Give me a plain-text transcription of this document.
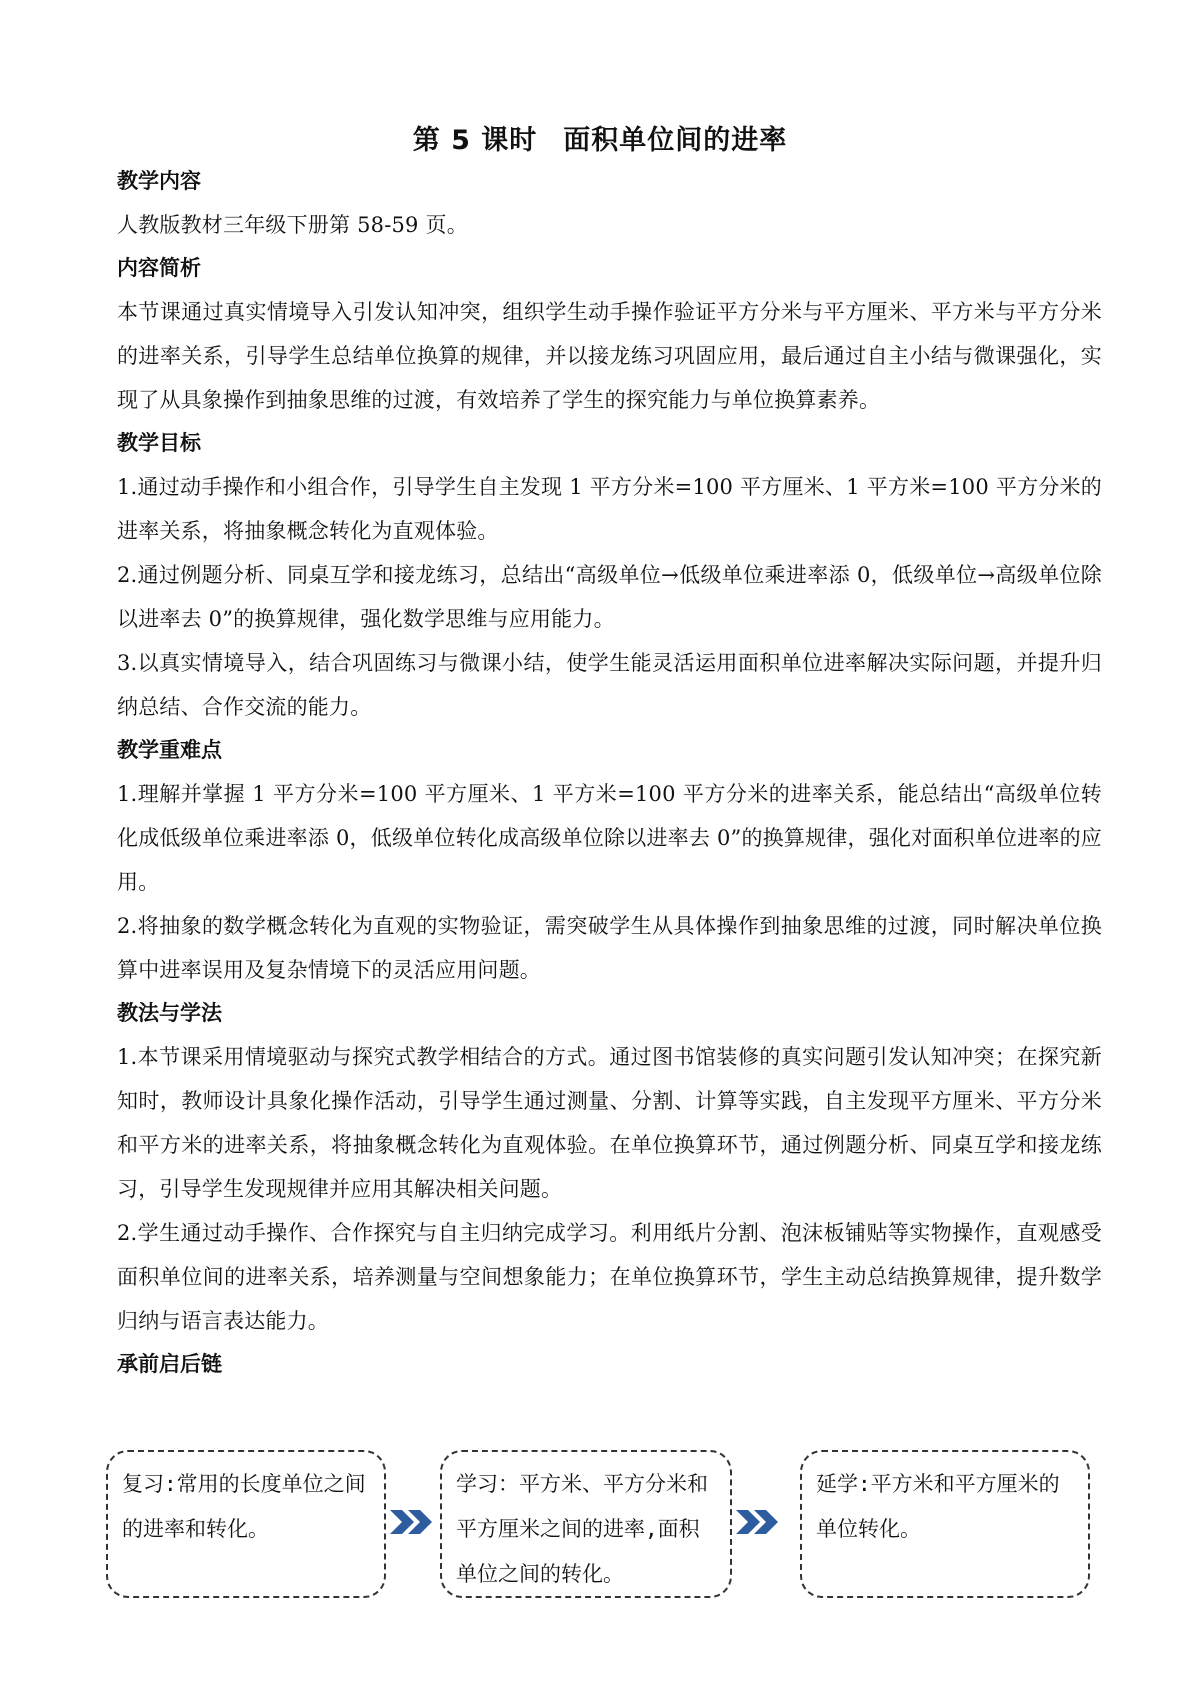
第 5 课时 面积单位间的进率

教学内容

人教版教材三年级下册第 58-59 页。

内容简析

本节课通过真实情境导入引发认知冲突，组织学生动手操作验证平方分米与平方厘米、平方米与平方分米的进率关系，引导学生总结单位换算的规律，并以接龙练习巩固应用，最后通过自主小结与微课强化，实现了从具象操作到抽象思维的过渡，有效培养了学生的探究能力与单位换算素养。

教学目标

1.通过动手操作和小组合作，引导学生自主发现 1 平方分米=100 平方厘米、1 平方米=100 平方分米的进率关系，将抽象概念转化为直观体验。

2.通过例题分析、同桌互学和接龙练习，总结出“高级单位→低级单位乘进率添 0，低级单位→高级单位除以进率去 0”的换算规律，强化数学思维与应用能力。

3.以真实情境导入，结合巩固练习与微课小结，使学生能灵活运用面积单位进率解决实际问题，并提升归纳总结、合作交流的能力。

教学重难点

1.理解并掌握 1 平方分米=100 平方厘米、1 平方米=100 平方分米的进率关系，能总结出“高级单位转化成低级单位乘进率添 0，低级单位转化成高级单位除以进率去 0”的换算规律，强化对面积单位进率的应用。

2.将抽象的数学概念转化为直观的实物验证，需突破学生从具体操作到抽象思维的过渡，同时解决单位换算中进率误用及复杂情境下的灵活应用问题。

教法与学法

1.本节课采用情境驱动与探究式教学相结合的方式。通过图书馆装修的真实问题引发认知冲突；在探究新知时，教师设计具象化操作活动，引导学生通过测量、分割、计算等实践，自主发现平方厘米、平方分米和平方米的进率关系，将抽象概念转化为直观体验。在单位换算环节，通过例题分析、同桌互学和接龙练习，引导学生发现规律并应用其解决相关问题。

2.学生通过动手操作、合作探究与自主归纳完成学习。利用纸片分割、泡沫板铺贴等实物操作，直观感受面积单位间的进率关系，培养测量与空间想象能力；在单位换算环节，学生主动总结换算规律，提升数学归纳与语言表达能力。

承前启后链

复习:常用的长度单位之间的进率和转化。
学习：平方米、平方分米和平方厘米之间的进率,面积单位之间的转化。
延学:平方米和平方厘米的单位转化。
